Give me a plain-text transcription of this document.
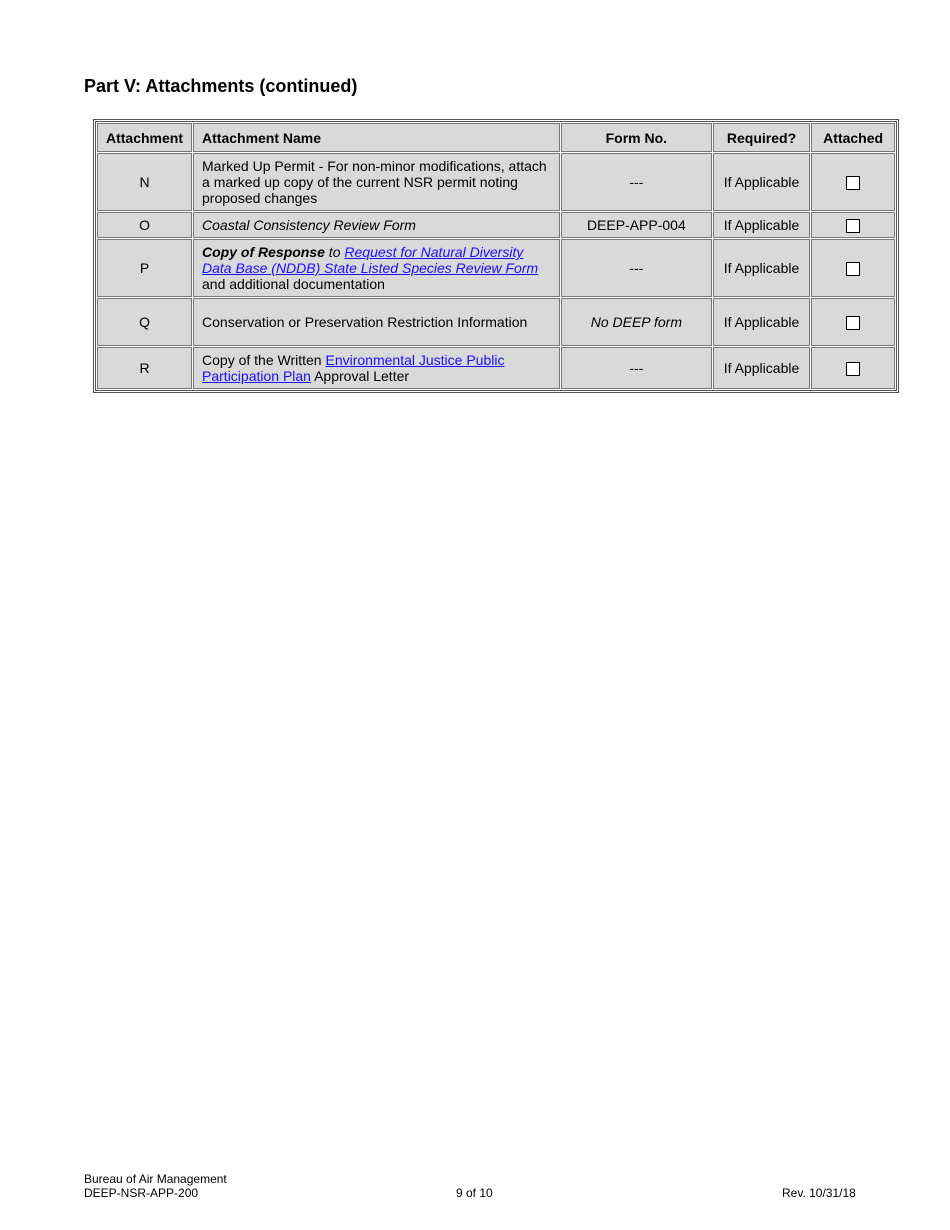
Part V: Attachments (continued)
Attachment	Attachment Name	Form No.	Required?	Attached
N	Marked Up Permit - For non-minor modifications, attach a marked up copy of the current NSR permit noting proposed changes	---	If Applicable	
O	Coastal Consistency Review Form	DEEP-APP-004	If Applicable	
P	Copy of Response to Request for Natural Diversity Data Base (NDDB) State Listed Species Review Form and additional documentation	---	If Applicable	
Q	Conservation or Preservation Restriction Information	No DEEP form	If Applicable	
R	Copy of the Written Environmental Justice Public Participation Plan Approval Letter	---	If Applicable	
Bureau of Air Management
DEEP-NSR-APP-200	9 of 10	Rev. 10/31/18
